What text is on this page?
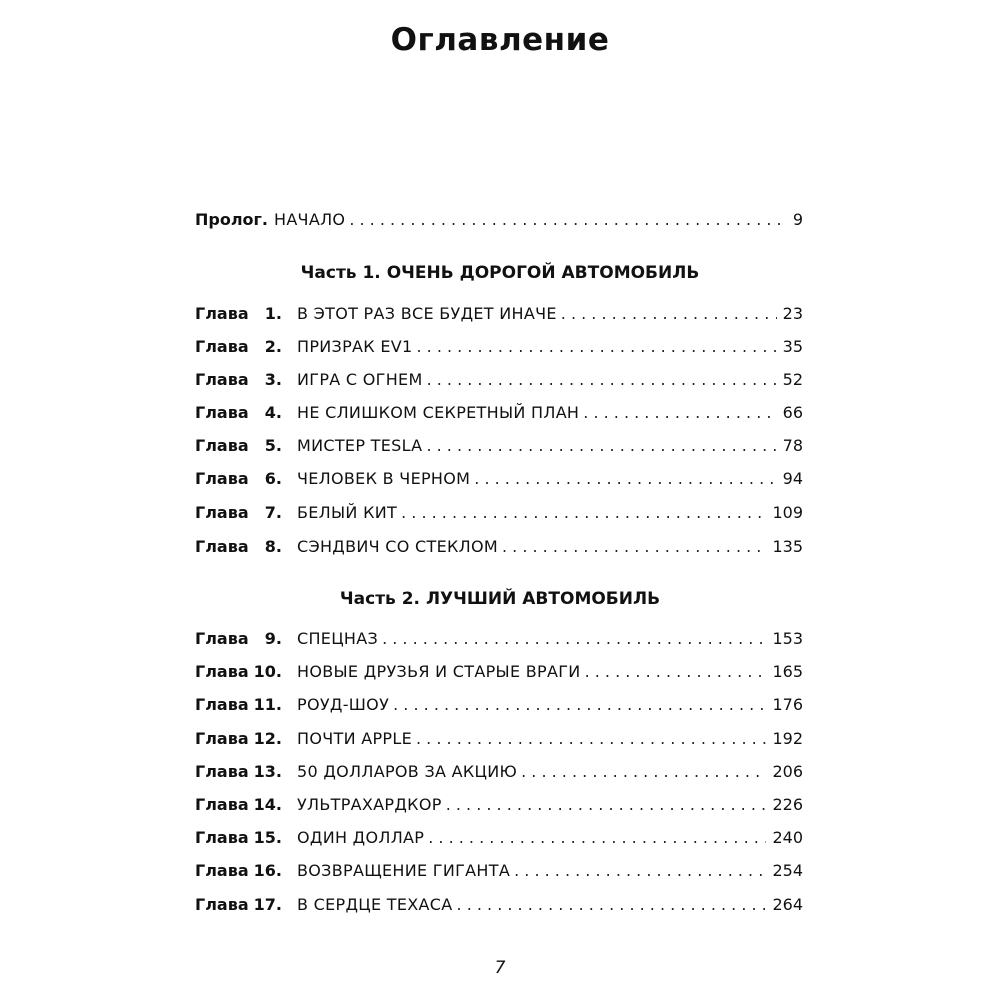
Оглавление
Пролог. НАЧАЛО . . .	9
Часть 1. ОЧЕНЬ ДОРОГОЙ АВТОМОБИЛЬ
Глава 1. В ЭТОТ РАЗ ВСЕ БУДЕТ ИНАЧЕ . . .	23
Глава 2. ПРИЗРАК EV1 . . .	35
Глава 3. ИГРА С ОГНЕМ . . .	52
Глава 4. НЕ СЛИШКОМ СЕКРЕТНЫЙ ПЛАН . . .	66
Глава 5. МИСТЕР TESLA . . .	78
Глава 6. ЧЕЛОВЕК В ЧЕРНОМ . . .	94
Глава 7. БЕЛЫЙ КИТ . . .	109
Глава 8. СЭНДВИЧ СО СТЕКЛОМ . . .	135
Часть 2. ЛУЧШИЙ АВТОМОБИЛЬ
Глава 9. СПЕЦНАЗ . . .	153
Глава 10. НОВЫЕ ДРУЗЬЯ И СТАРЫЕ ВРАГИ . . .	165
Глава 11. РОУД-ШОУ . . .	176
Глава 12. ПОЧТИ APPLE . . .	192
Глава 13. 50 ДОЛЛАРОВ ЗА АКЦИЮ . . .	206
Глава 14. УЛЬТРАХАРДКОР . . .	226
Глава 15. ОДИН ДОЛЛАР . . .	240
Глава 16. ВОЗВРАЩЕНИЕ ГИГАНТА . . .	254
Глава 17. В СЕРДЦЕ ТЕХАСА . . .	264
7
